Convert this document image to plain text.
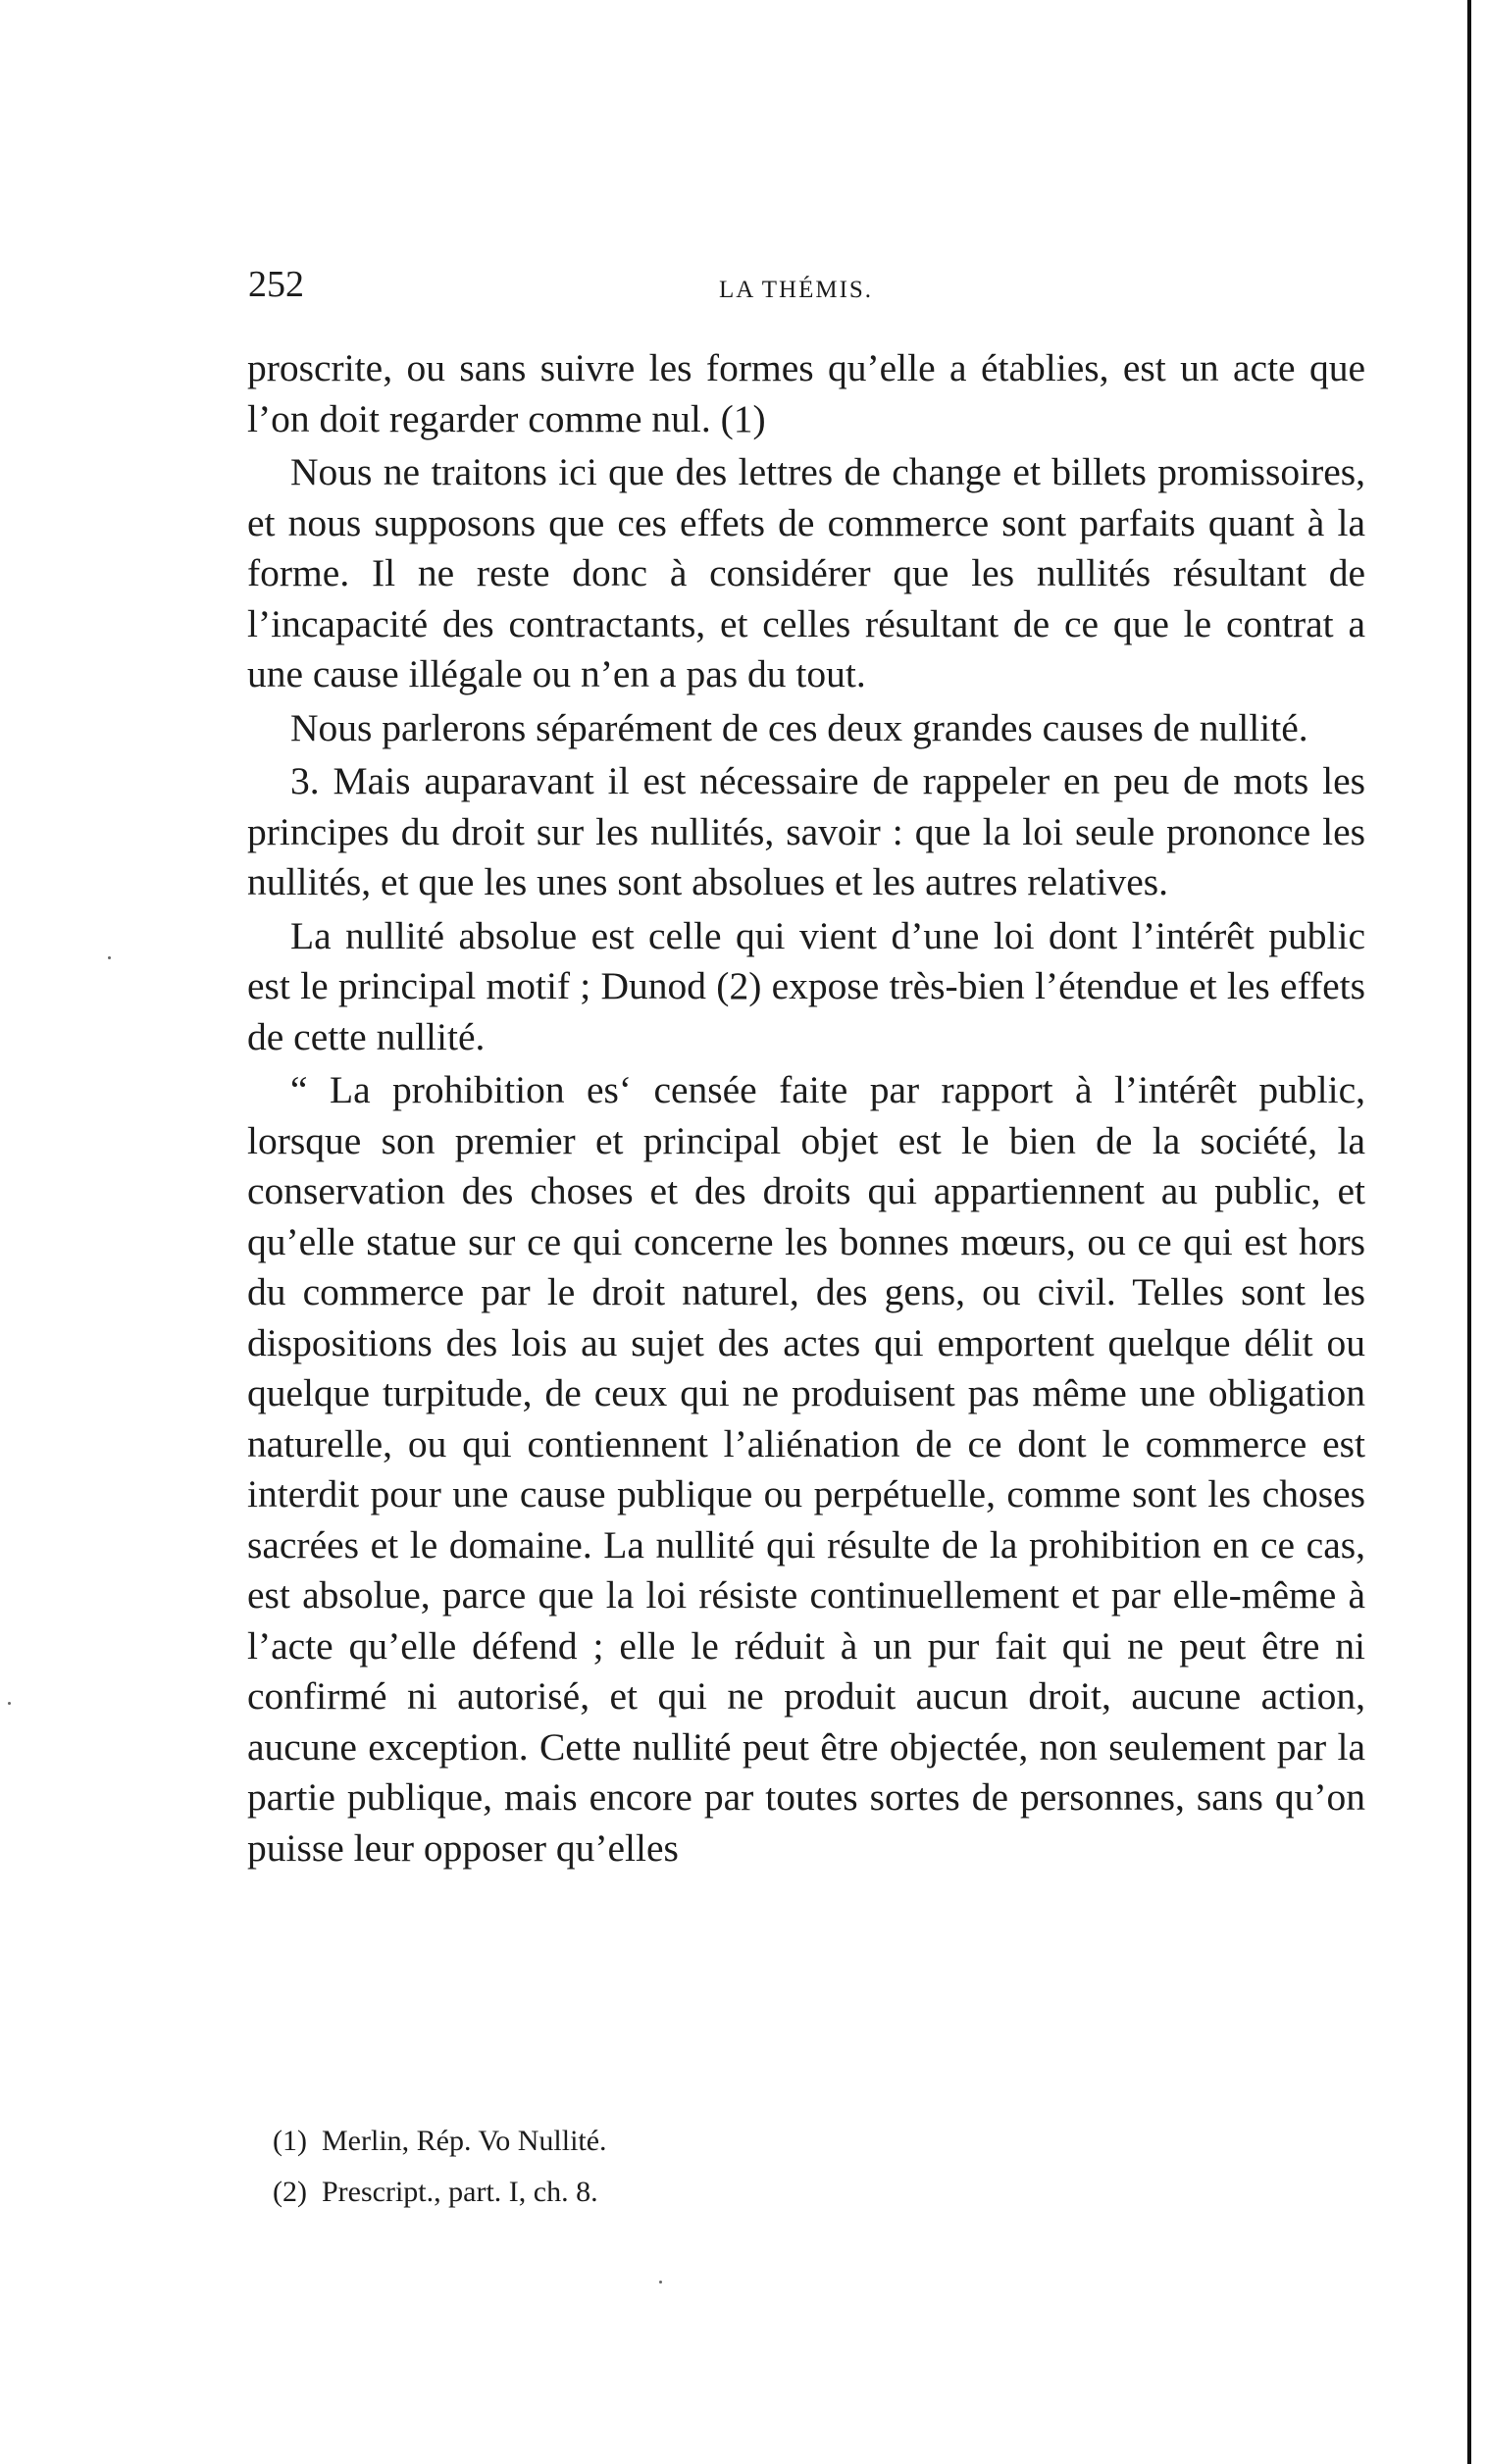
252	LA THÉMIS.

proscrite, ou sans suivre les formes qu’elle a établies, est un acte que l’on doit regarder comme nul. (1)

Nous ne traitons ici que des lettres de change et billets promissoires, et nous supposons que ces effets de commerce sont parfaits quant à la forme. Il ne reste donc à considérer que les nullités résultant de l’incapacité des contractants, et celles résultant de ce que le contrat a une cause illégale ou n’en a pas du tout.

Nous parlerons séparément de ces deux grandes causes de nullité.

3. Mais auparavant il est nécessaire de rappeler en peu de mots les principes du droit sur les nullités, savoir : que la loi seule prononce les nullités, et que les unes sont absolues et les autres relatives.

La nullité absolue est celle qui vient d’une loi dont l’intérêt public est le principal motif ; Dunod (2) expose très-bien l’étendue et les effets de cette nullité.

“ La prohibition es‘ censée faite par rapport à l’intérêt public, lorsque son premier et principal objet est le bien de la société, la conservation des choses et des droits qui appartiennent au public, et qu’elle statue sur ce qui concerne les bonnes mœurs, ou ce qui est hors du commerce par le droit naturel, des gens, ou civil. Telles sont les dispositions des lois au sujet des actes qui emportent quelque délit ou quelque turpitude, de ceux qui ne produisent pas même une obligation naturelle, ou qui contiennent l’aliénation de ce dont le commerce est interdit pour une cause publique ou perpétuelle, comme sont les choses sacrées et le domaine. La nullité qui résulte de la prohibition en ce cas, est absolue, parce que la loi résiste continuellement et par elle-même à l’acte qu’elle défend ; elle le réduit à un pur fait qui ne peut être ni confirmé ni autorisé, et qui ne produit aucun droit, aucune action, aucune exception. Cette nullité peut être objectée, non seulement par la partie publique, mais encore par toutes sortes de personnes, sans qu’on puisse leur opposer qu’elles

(1) Merlin, Rép. Vo Nullité.

(2) Prescript., part. I, ch. 8.
